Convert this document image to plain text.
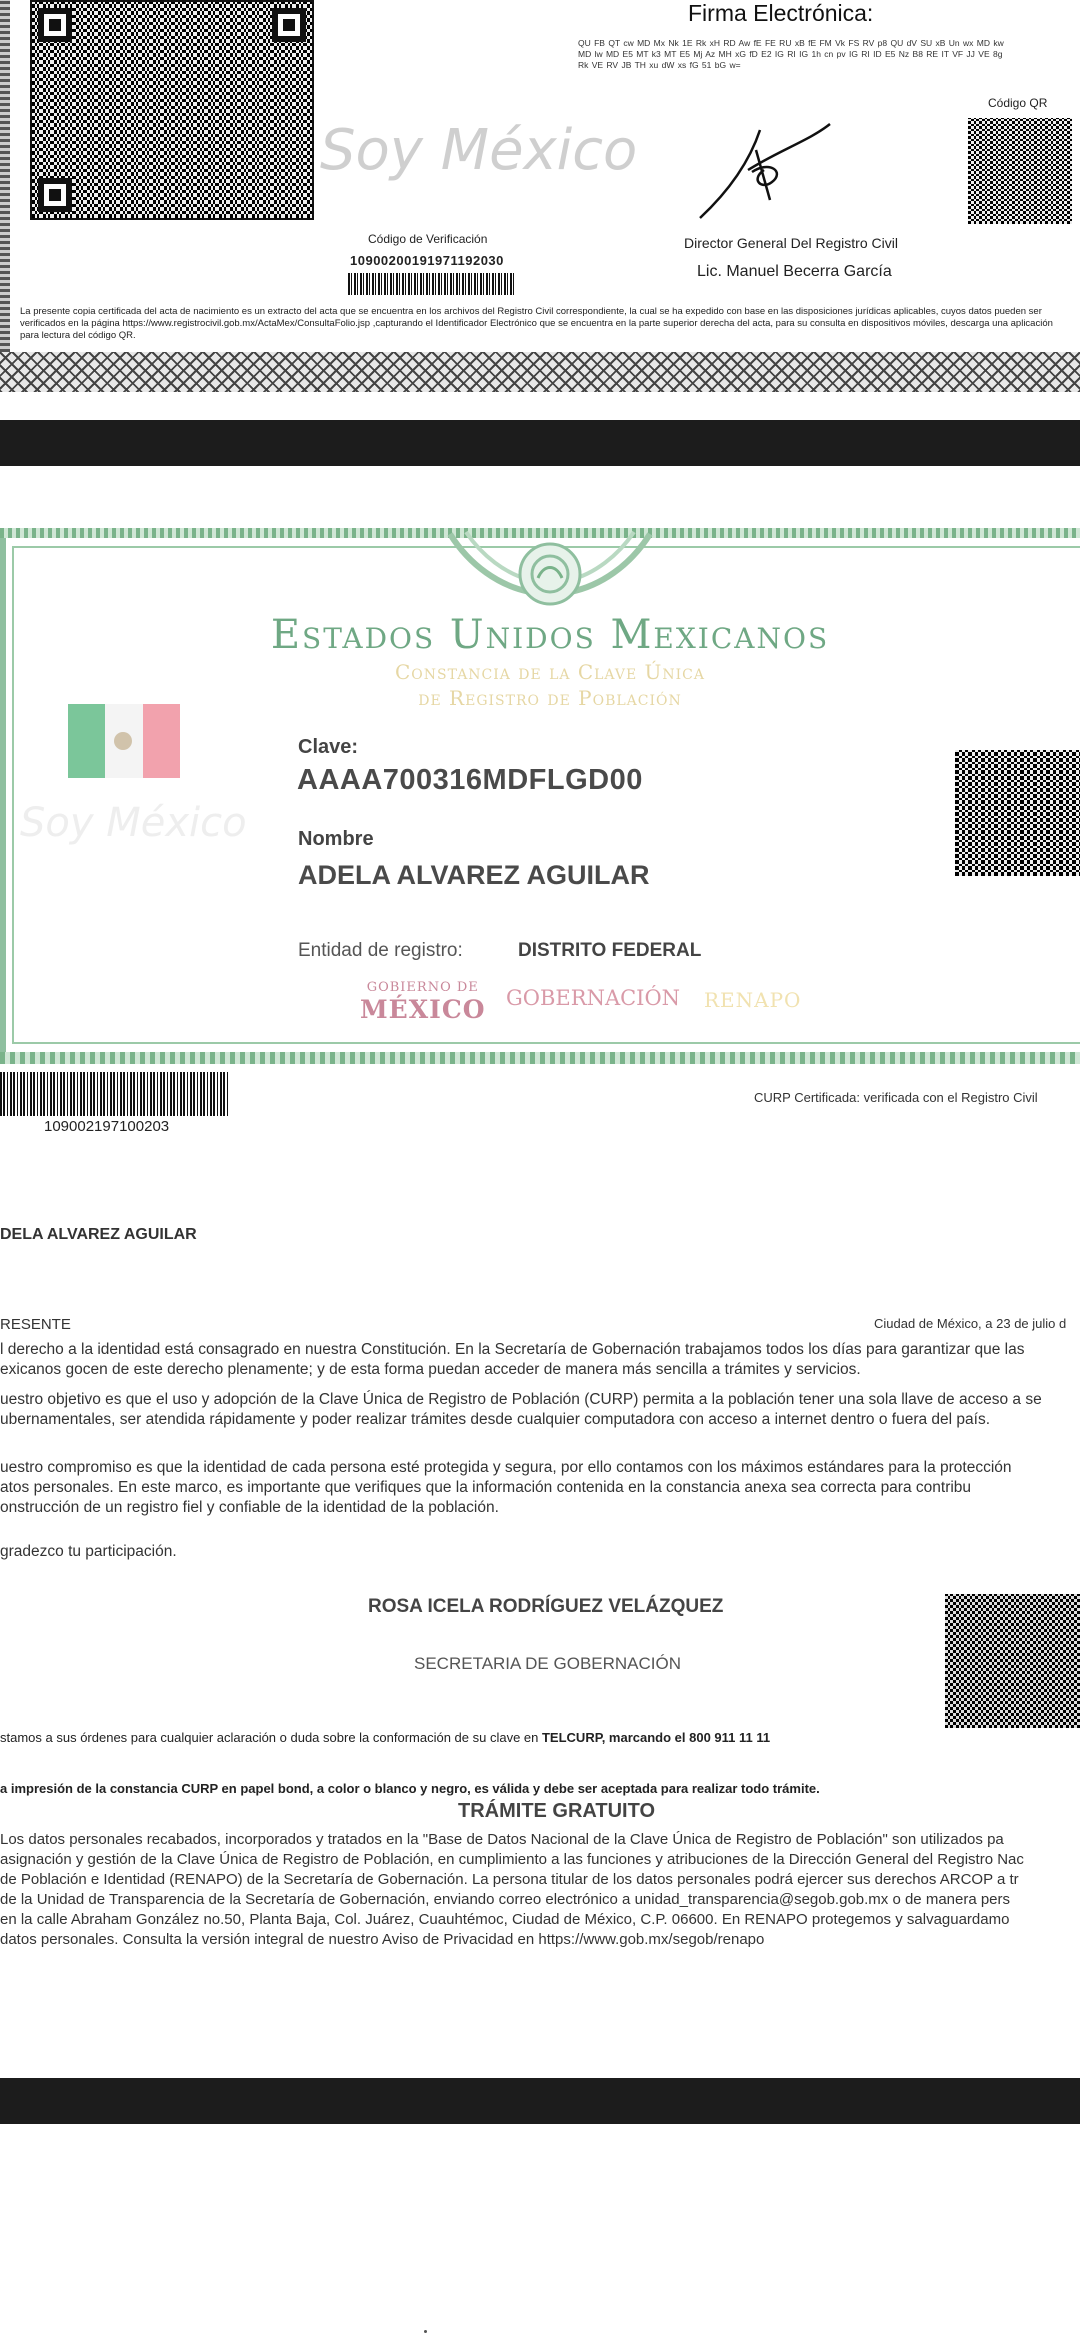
Soy México
Código de Verificación
10900200191971192030
Firma Electrónica:
QU FB QT cw MD Mx Nk 1E Rk xH RD Aw fE FE RU xB fE FM Vk FS RV p8 QU dV SU xB Un wx MD kw MD lw MD E5 MT k3 MT E5 Mj Az MH xG fD E2 IG RI IG 1h cn pv IG RI ID E5 Nz B8 RE IT VF JJ VE 8g Rk VE RV JB TH xu dW xs fG 51 bG w=
Código QR
Director General Del Registro Civil
Lic. Manuel Becerra García
La presente copia certificada del acta de nacimiento es un extracto del acta que se encuentra en los archivos del Registro Civil correspondiente, la cual se ha expedido con base en las disposiciones jurídicas aplicables, cuyos datos pueden ser verificados en la página https://www.registrocivil.gob.mx/ActaMex/ConsultaFolio.jsp ,capturando el Identificador Electrónico que se encuentra en la parte superior derecha del acta, para su consulta en dispositivos móviles, descarga una aplicación para lectura del código QR.
Estados Unidos Mexicanos
Constancia de la Clave Única
de Registro de Población
Soy México
Clave:
AAAA700316MDFLGD00
Nombre
ADELA ALVAREZ AGUILAR
Entidad de registro:	DISTRITO FEDERAL
GOBIERNO DE
MÉXICO GOBERNACIÓN RENAPO
109002197100203
CURP Certificada: verificada con el Registro Civil
DELA ALVAREZ AGUILAR
RESENTE	Ciudad de México, a 23 de julio d
l derecho a la identidad está consagrado en nuestra Constitución. En la Secretaría de Gobernación trabajamos todos los días para garantizar que las
exicanos gocen de este derecho plenamente; y de esta forma puedan acceder de manera más sencilla a trámites y servicios.
uestro objetivo es que el uso y adopción de la Clave Única de Registro de Población (CURP) permita a la población tener una sola llave de acceso a se
ubernamentales, ser atendida rápidamente y poder realizar trámites desde cualquier computadora con acceso a internet dentro o fuera del país.
uestro compromiso es que la identidad de cada persona esté protegida y segura, por ello contamos con los máximos estándares para la protección
atos personales. En este marco, es importante que verifiques que la información contenida en la constancia anexa sea correcta para contribu
onstrucción de un registro fiel y confiable de la identidad de la población.
gradezco tu participación.
ROSA ICELA RODRÍGUEZ VELÁZQUEZ
SECRETARIA DE GOBERNACIÓN
stamos a sus órdenes para cualquier aclaración o duda sobre la conformación de su clave en TELCURP, marcando el 800 911 11 11
a impresión de la constancia CURP en papel bond, a color o blanco y negro, es válida y debe ser aceptada para realizar todo trámite.
TRÁMITE GRATUITO
Los datos personales recabados, incorporados y tratados en la "Base de Datos Nacional de la Clave Única de Registro de Población" son utilizados pa
asignación y gestión de la Clave Única de Registro de Población, en cumplimiento a las funciones y atribuciones de la Dirección General del Registro Nac
de Población e Identidad (RENAPO) de la Secretaría de Gobernación. La persona titular de los datos personales podrá ejercer sus derechos ARCOP a tr
de la Unidad de Transparencia de la Secretaría de Gobernación, enviando correo electrónico a unidad_transparencia@segob.gob.mx o de manera pers
en la calle Abraham González no.50, Planta Baja, Col. Juárez, Cuauhtémoc, Ciudad de México, C.P. 06600. En RENAPO protegemos y salvaguardamo
datos personales. Consulta la versión integral de nuestro Aviso de Privacidad en https://www.gob.mx/segob/renapo
